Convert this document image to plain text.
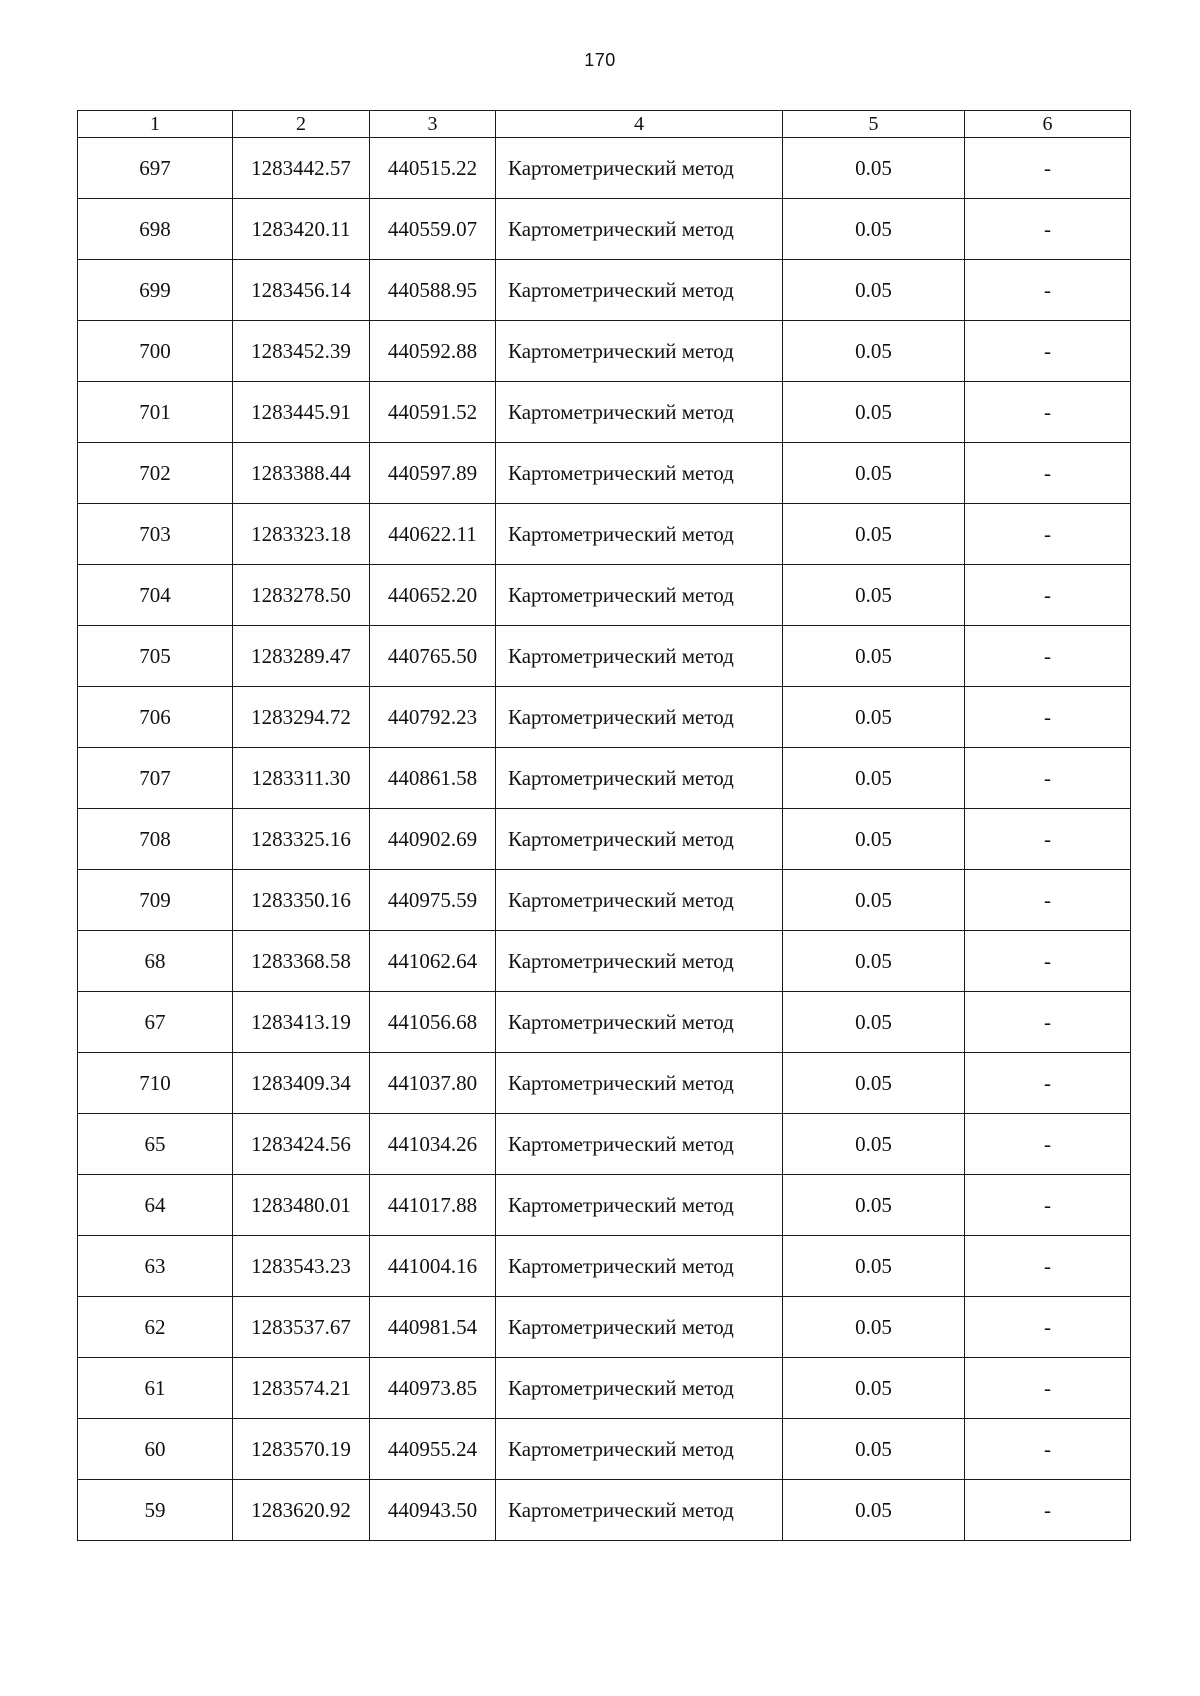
170
1	2	3	4	5	6
697	1283442.57	440515.22	Картометрический метод	0.05	-
698	1283420.11	440559.07	Картометрический метод	0.05	-
699	1283456.14	440588.95	Картометрический метод	0.05	-
700	1283452.39	440592.88	Картометрический метод	0.05	-
701	1283445.91	440591.52	Картометрический метод	0.05	-
702	1283388.44	440597.89	Картометрический метод	0.05	-
703	1283323.18	440622.11	Картометрический метод	0.05	-
704	1283278.50	440652.20	Картометрический метод	0.05	-
705	1283289.47	440765.50	Картометрический метод	0.05	-
706	1283294.72	440792.23	Картометрический метод	0.05	-
707	1283311.30	440861.58	Картометрический метод	0.05	-
708	1283325.16	440902.69	Картометрический метод	0.05	-
709	1283350.16	440975.59	Картометрический метод	0.05	-
68	1283368.58	441062.64	Картометрический метод	0.05	-
67	1283413.19	441056.68	Картометрический метод	0.05	-
710	1283409.34	441037.80	Картометрический метод	0.05	-
65	1283424.56	441034.26	Картометрический метод	0.05	-
64	1283480.01	441017.88	Картометрический метод	0.05	-
63	1283543.23	441004.16	Картометрический метод	0.05	-
62	1283537.67	440981.54	Картометрический метод	0.05	-
61	1283574.21	440973.85	Картометрический метод	0.05	-
60	1283570.19	440955.24	Картометрический метод	0.05	-
59	1283620.92	440943.50	Картометрический метод	0.05	-
